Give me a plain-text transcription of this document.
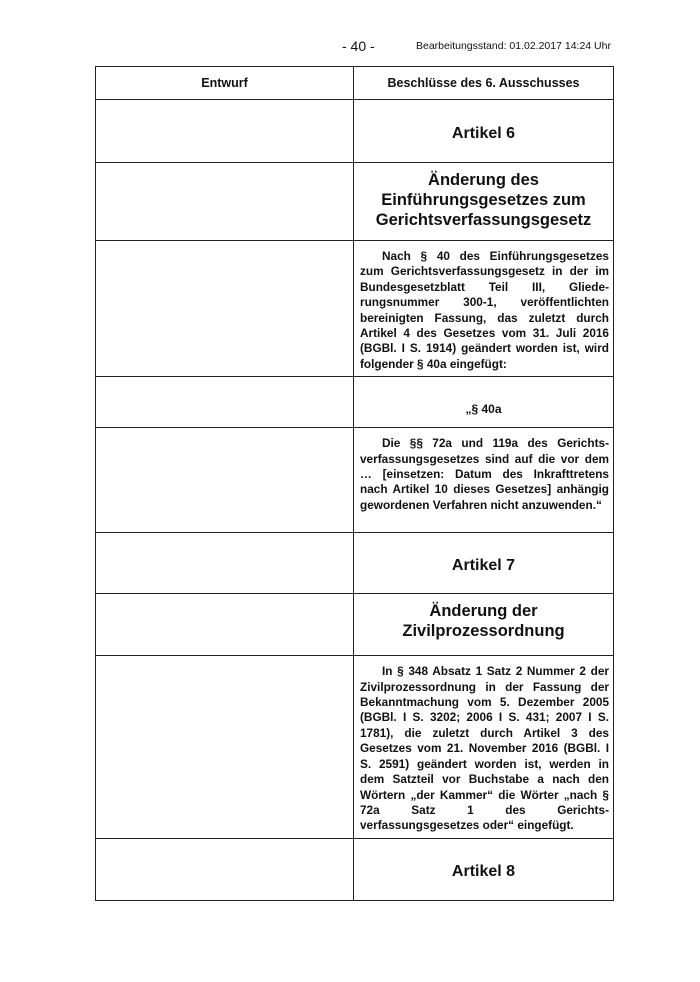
- 40 -	Bearbeitungsstand: 01.02.2017 14:24 Uhr
Entwurf	Beschlüsse des 6. Ausschusses
	Artikel 6
	Änderung des Einführungsgesetzes zum Gerichtsverfassungsgesetz
	Nach § 40 des Einführungsgesetzes zum Gerichtsverfassungsgesetz in der im Bundesgesetzblatt Teil III, Gliederungsnummer 300-1, veröffentlichten bereinigten Fassung, das zuletzt durch Artikel 4 des Gesetzes vom 31. Juli 2016 (BGBl. I S. 1914) geändert worden ist, wird folgender § 40a eingefügt:
	„§ 40a
	Die §§ 72a und 119a des Gerichtsverfassungsgesetzes sind auf die vor dem … [einsetzen: Datum des Inkrafttretens nach Artikel 10 dieses Gesetzes] anhängig gewordenen Verfahren nicht anzuwenden.“
	Artikel 7
	Änderung der Zivilprozessordnung
	In § 348 Absatz 1 Satz 2 Nummer 2 der Zivilprozessordnung in der Fassung der Bekanntmachung vom 5. Dezember 2005 (BGBl. I S. 3202; 2006 I S. 431; 2007 I S. 1781), die zuletzt durch Artikel 3 des Gesetzes vom 21. November 2016 (BGBl. I S. 2591) geändert worden ist, werden in dem Satzteil vor Buchstabe a nach den Wörtern „der Kammer“ die Wörter „nach § 72a Satz 1 des Gerichtsverfassungsgesetzes oder“ eingefügt.
	Artikel 8
